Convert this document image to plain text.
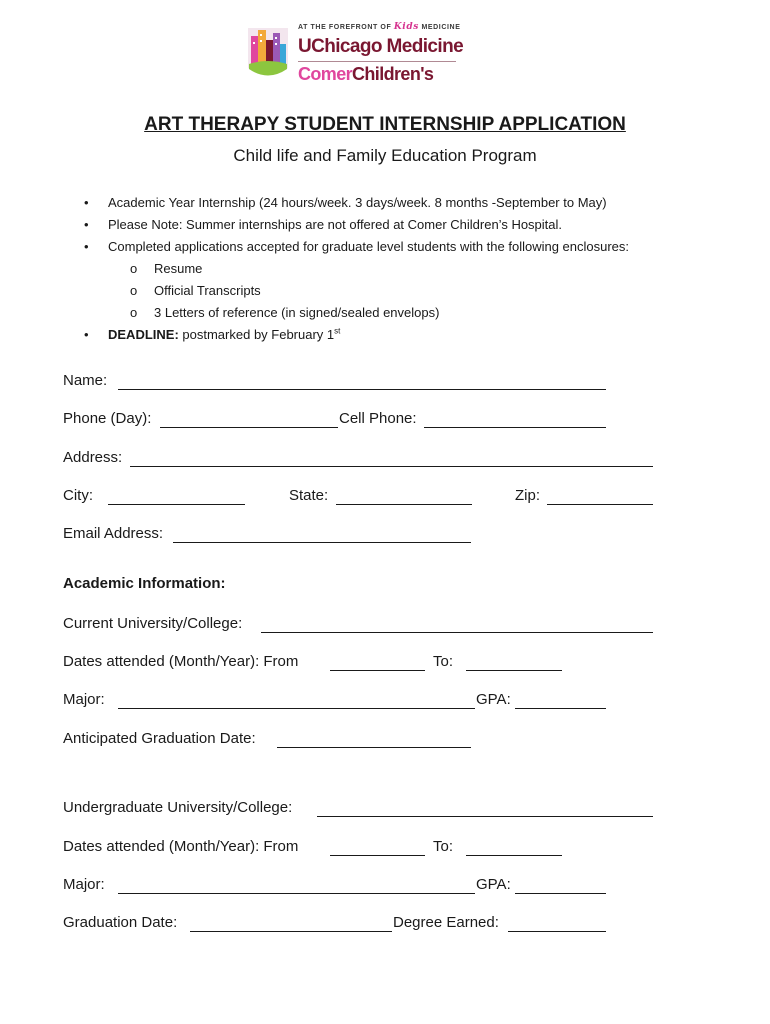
AT THE FOREFRONT OF Kids MEDICINE
UChicago Medicine
ComerChildren's
ART THERAPY STUDENT INTERNSHIP APPLICATION
Child life and Family Education Program
• Academic Year Internship (24 hours/week. 3 days/week. 8 months -September to May)
• Please Note: Summer internships are not offered at Comer Children’s Hospital.
• Completed applications accepted for graduate level students with the following enclosures:
o Resume
o Official Transcripts
o 3 Letters of reference (in signed/sealed envelops)
• DEADLINE: postmarked by February 1st
Name:
Phone (Day):	Cell Phone:
Address:
City:	State:	Zip:
Email Address:
Academic Information:
Current University/College:
Dates attended (Month/Year): From	To:
Major:	GPA:
Anticipated Graduation Date:
Undergraduate University/College:
Dates attended (Month/Year): From	To:
Major:	GPA:
Graduation Date:	Degree Earned:
